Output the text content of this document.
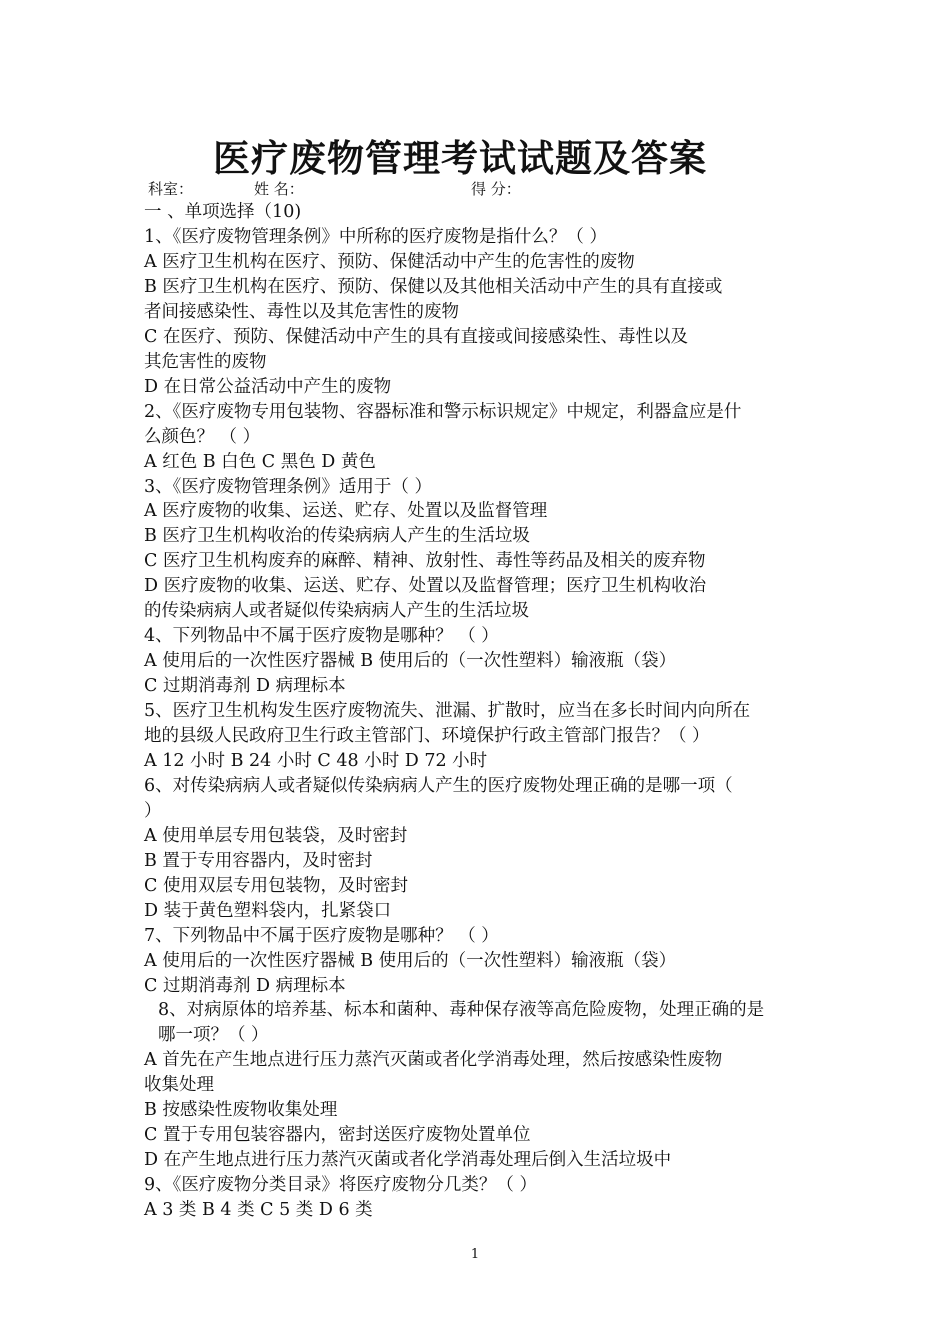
医疗废物管理考试试题及答案
科室：	姓 名：	得 分：
一 、单项选择（10)
1、《医疗废物管理条例》中所称的医疗废物是指什么？（ ）
A 医疗卫生机构在医疗、预防、保健活动中产生的危害性的废物
B 医疗卫生机构在医疗、预防、保健以及其他相关活动中产生的具有直接或
者间接感染性、毒性以及其危害性的废物
C 在医疗、预防、保健活动中产生的具有直接或间接感染性、毒性以及
其危害性的废物
D 在日常公益活动中产生的废物
2、《医疗废物专用包装物、容器标准和警示标识规定》中规定，利器盒应是什
么颜色？ （ ）
A 红色 B 白色 C 黑色 D 黄色
3、《医疗废物管理条例》适用于（ ）
A 医疗废物的收集、运送、贮存、处置以及监督管理
B 医疗卫生机构收治的传染病病人产生的生活垃圾
C 医疗卫生机构废弃的麻醉、精神、放射性、毒性等药品及相关的废弃物
D 医疗废物的收集、运送、贮存、处置以及监督管理；医疗卫生机构收治
的传染病病人或者疑似传染病病人产生的生活垃圾
4、下列物品中不属于医疗废物是哪种？ （ ）
A 使用后的一次性医疗器械 B 使用后的（一次性塑料）输液瓶（袋）
C 过期消毒剂 D 病理标本
5、医疗卫生机构发生医疗废物流失、泄漏、扩散时，应当在多长时间内向所在
地的县级人民政府卫生行政主管部门、环境保护行政主管部门报告？（ ）
A 12 小时 B 24 小时 C 48 小时 D 72 小时
6、对传染病病人或者疑似传染病病人产生的医疗废物处理正确的是哪一项（
）
A 使用单层专用包装袋，及时密封
B 置于专用容器内，及时密封
C 使用双层专用包装物，及时密封
D 装于黄色塑料袋内，扎紧袋口
7、下列物品中不属于医疗废物是哪种？ （ ）
A 使用后的一次性医疗器械 B 使用后的（一次性塑料）输液瓶（袋）
C 过期消毒剂 D 病理标本
8、对病原体的培养基、标本和菌种、毒种保存液等高危险废物，处理正确的是
哪一项？（ ）
A 首先在产生地点进行压力蒸汽灭菌或者化学消毒处理，然后按感染性废物
收集处理
B 按感染性废物收集处理
C 置于专用包装容器内，密封送医疗废物处置单位
D 在产生地点进行压力蒸汽灭菌或者化学消毒处理后倒入生活垃圾中
9、《医疗废物分类目录》将医疗废物分几类？（ ）
A 3 类 B 4 类 C 5 类 D 6 类
1
